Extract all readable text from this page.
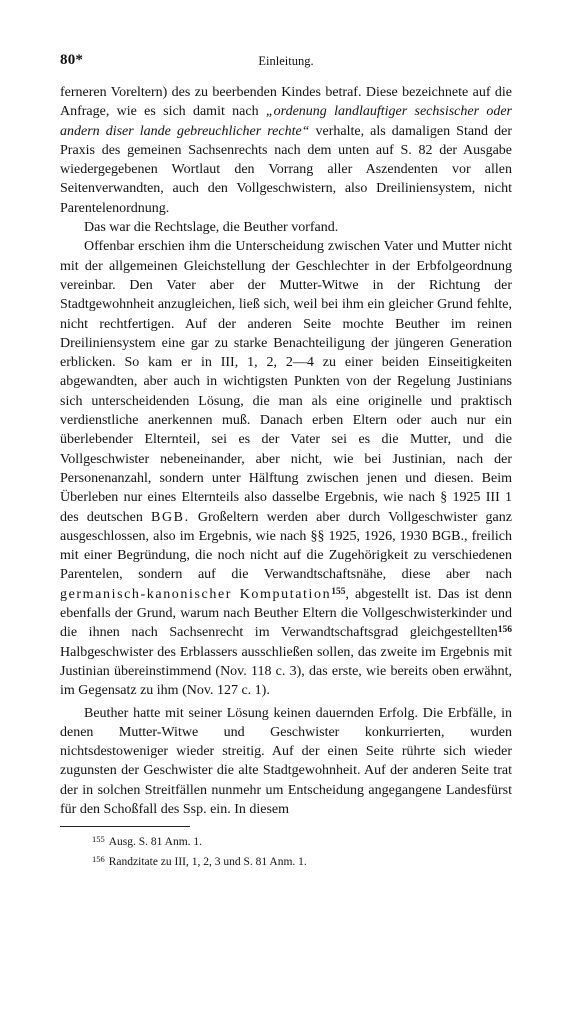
80*	Einleitung.

ferneren Voreltern) des zu beerbenden Kindes betraf. Diese bezeichnete auf die Anfrage, wie es sich damit nach „ordenung landlauftiger sechsischer oder andern diser lande gebreuchlicher rechte“ verhalte, als damaligen Stand der Praxis des gemeinen Sachsenrechts nach dem unten auf S. 82 der Ausgabe wiedergegebenen Wortlaut den Vorrang aller Aszendenten vor allen Seitenverwandten, auch den Vollgeschwistern, also Dreiliniensystem, nicht Parentelenordnung.

Das war die Rechtslage, die Beuther vorfand.

Offenbar erschien ihm die Unterscheidung zwischen Vater und Mutter nicht mit der allgemeinen Gleichstellung der Geschlechter in der Erbfolgeordnung vereinbar. Den Vater aber der Mutter-Witwe in der Richtung der Stadtgewohnheit anzugleichen, ließ sich, weil bei ihm ein gleicher Grund fehlte, nicht rechtfertigen. Auf der anderen Seite mochte Beuther im reinen Dreiliniensystem eine gar zu starke Benachteiligung der jüngeren Generation erblicken. So kam er in III, 1, 2, 2—4 zu einer beiden Einseitigkeiten abgewandten, aber auch in wichtigsten Punkten von der Regelung Justinians sich unterscheidenden Lösung, die man als eine originelle und praktisch verdienstliche anerkennen muß. Danach erben Eltern oder auch nur ein überlebender Elternteil, sei es der Vater sei es die Mutter, und die Vollgeschwister nebeneinander, aber nicht, wie bei Justinian, nach der Personenanzahl, sondern unter Hälftung zwischen jenen und diesen. Beim Überleben nur eines Elternteils also dasselbe Ergebnis, wie nach § 1925 III 1 des deutschen BGB. Großeltern werden aber durch Vollgeschwister ganz ausgeschlossen, also im Ergebnis, wie nach §§ 1925, 1926, 1930 BGB., freilich mit einer Begründung, die noch nicht auf die Zugehörigkeit zu verschiedenen Parentelen, sondern auf die Verwandtschaftsnähe, diese aber nach germanisch-kanonischer Komputation$^{155}$, abgestellt ist. Das ist denn ebenfalls der Grund, warum nach Beuther Eltern die Vollgeschwisterkinder und die ihnen nach Sachsenrecht im Verwandtschaftsgrad gleichgestellten$^{156}$ Halbgeschwister des Erblassers ausschließen sollen, das zweite im Ergebnis mit Justinian übereinstimmend (Nov. 118 c. 3), das erste, wie bereits oben erwähnt, im Gegensatz zu ihm (Nov. 127 c. 1).

Beuther hatte mit seiner Lösung keinen dauernden Erfolg. Die Erbfälle, in denen Mutter-Witwe und Geschwister konkurrierten, wurden nichtsdestoweniger wieder streitig. Auf der einen Seite rührte sich wieder zugunsten der Geschwister die alte Stadtgewohnheit. Auf der anderen Seite trat der in solchen Streitfällen nunmehr um Entscheidung angegangene Landesfürst für den Schoßfall des Ssp. ein. In diesem

$^{155}$ Ausg. S. 81 Anm. 1.
$^{156}$ Randzitate zu III, 1, 2, 3 und S. 81 Anm. 1.
